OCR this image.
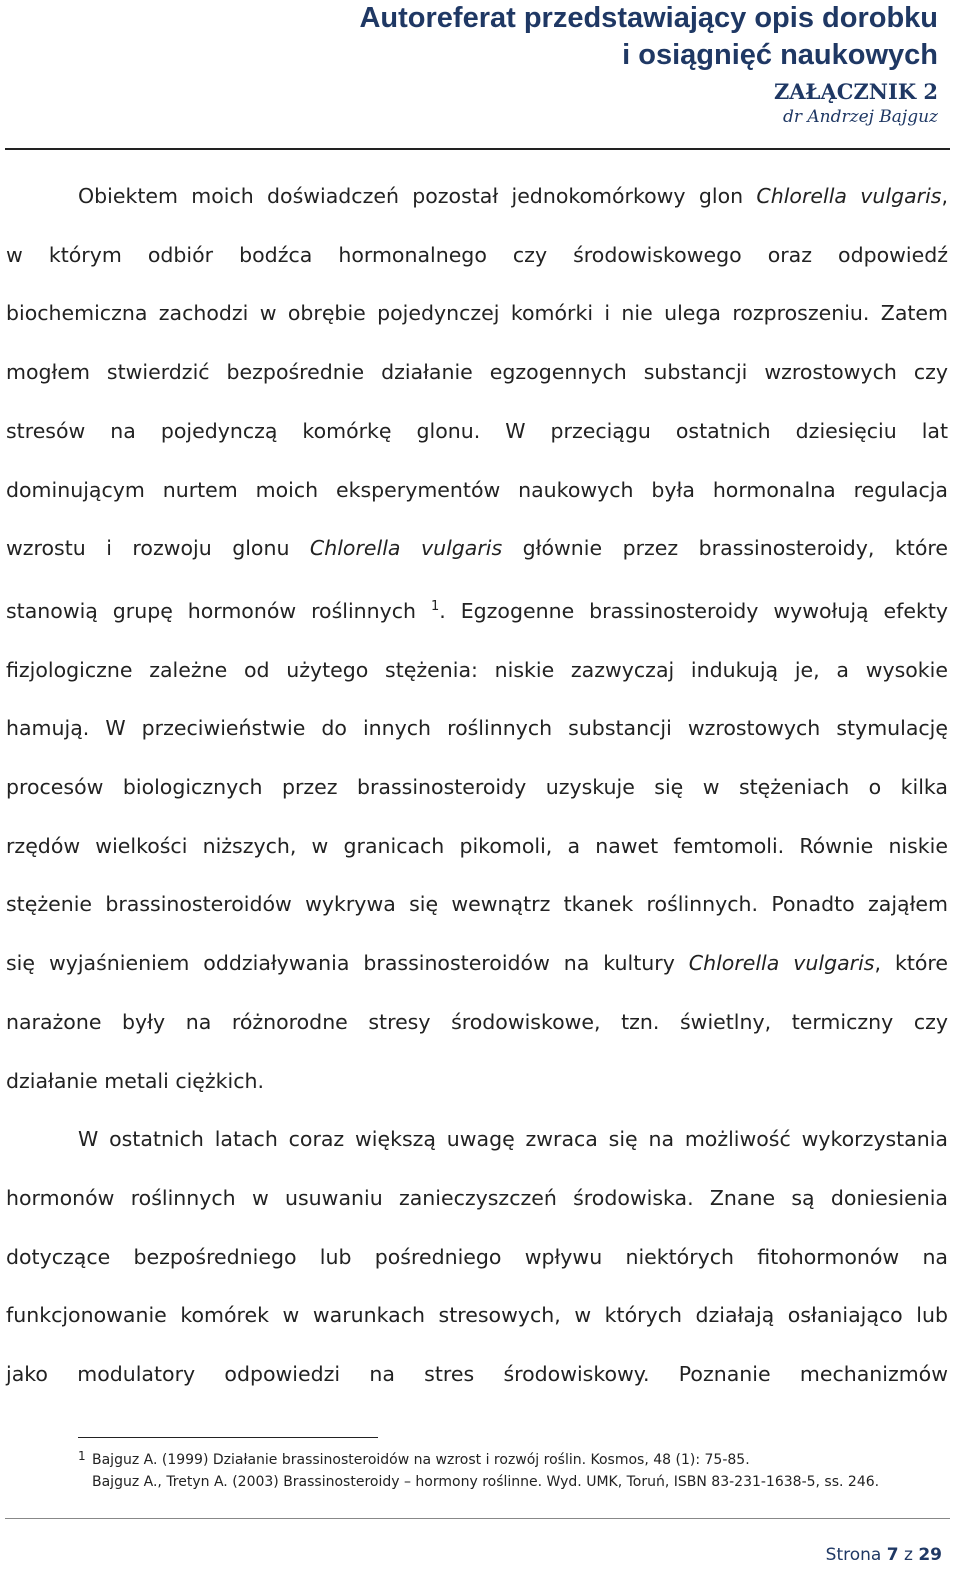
Autoreferat przedstawiający opis dorobku
i osiągnięć naukowych
ZAŁĄCZNIK 2
dr Andrzej Bajguz
Obiektem moich doświadczeń pozostał jednokomórkowy glon Chlorella vulgaris,
w którym odbiór bodźca hormonalnego czy środowiskowego oraz odpowiedź
biochemiczna zachodzi w obrębie pojedynczej komórki i nie ulega rozproszeniu. Zatem
mogłem stwierdzić bezpośrednie działanie egzogennych substancji wzrostowych czy
stresów na pojedynczą komórkę glonu. W przeciągu ostatnich dziesięciu lat
dominującym nurtem moich eksperymentów naukowych była hormonalna regulacja
wzrostu i rozwoju glonu Chlorella vulgaris głównie przez brassinosteroidy, które
stanowią grupę hormonów roślinnych $^1$. Egzogenne brassinosteroidy wywołują efekty
fizjologiczne zależne od użytego stężenia: niskie zazwyczaj indukują je, a wysokie
hamują. W przeciwieństwie do innych roślinnych substancji wzrostowych stymulację
procesów biologicznych przez brassinosteroidy uzyskuje się w stężeniach o kilka
rzędów wielkości niższych, w granicach pikomoli, a nawet femtomoli. Równie niskie
stężenie brassinosteroidów wykrywa się wewnątrz tkanek roślinnych. Ponadto zająłem
się wyjaśnieniem oddziaływania brassinosteroidów na kultury Chlorella vulgaris, które
narażone były na różnorodne stresy środowiskowe, tzn. świetlny, termiczny czy
działanie metali ciężkich.
W ostatnich latach coraz większą uwagę zwraca się na możliwość wykorzystania
hormonów roślinnych w usuwaniu zanieczyszczeń środowiska. Znane są doniesienia
dotyczące bezpośredniego lub pośredniego wpływu niektórych fitohormonów na
funkcjonowanie komórek w warunkach stresowych, w których działają osłaniająco lub
jako modulatory odpowiedzi na stres środowiskowy. Poznanie mechanizmów
1 Bajguz A. (1999) Działanie brassinosteroidów na wzrost i rozwój roślin. Kosmos, 48 (1): 75-85.
Bajguz A., Tretyn A. (2003) Brassinosteroidy – hormony roślinne. Wyd. UMK, Toruń, ISBN 83-231-1638-5, ss. 246.
Strona 7 z 29
